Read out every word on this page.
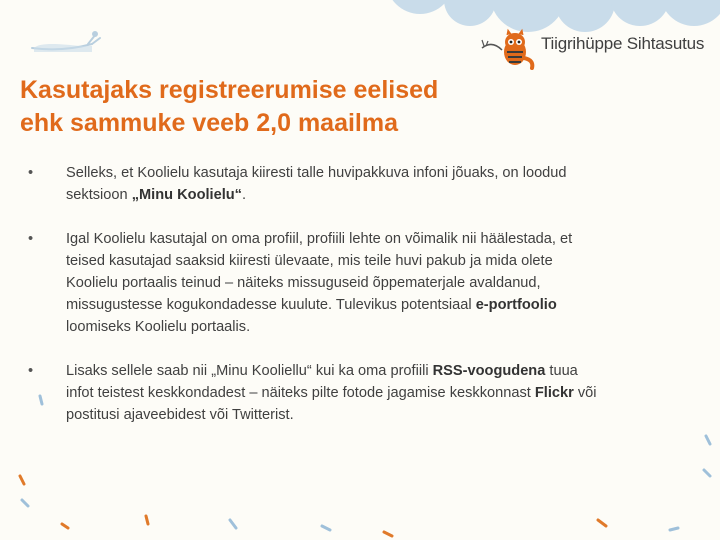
Tiigrihüppe Sihtasutus
Kasutajaks registreerumise eelised
ehk sammuke veeb 2,0 maailma
•	Selleks, et Koolielu kasutaja kiiresti talle huvipakkuva infoni jõuaks, on loodud
sektsioon „Minu Koolielu“.
•	Igal Koolielu kasutajal on oma profiil, profiili lehte on võimalik nii häälestada, et
teised kasutajad saaksid kiiresti ülevaate, mis teile huvi pakub ja mida olete
Koolielu portaalis teinud – näiteks missuguseid õppematerjale avaldanud,
missugustesse kogukondadesse kuulute. Tulevikus potentsiaal e-portfoolio
loomiseks Koolielu portaalis.
•	Lisaks sellele saab nii „Minu Kooliellu“ kui ka oma profiili RSS-voogudena tuua
infot teistest keskkondadest – näiteks pilte fotode jagamise keskkonnast Flickr või
postitusi ajaveebidest või Twitterist.
